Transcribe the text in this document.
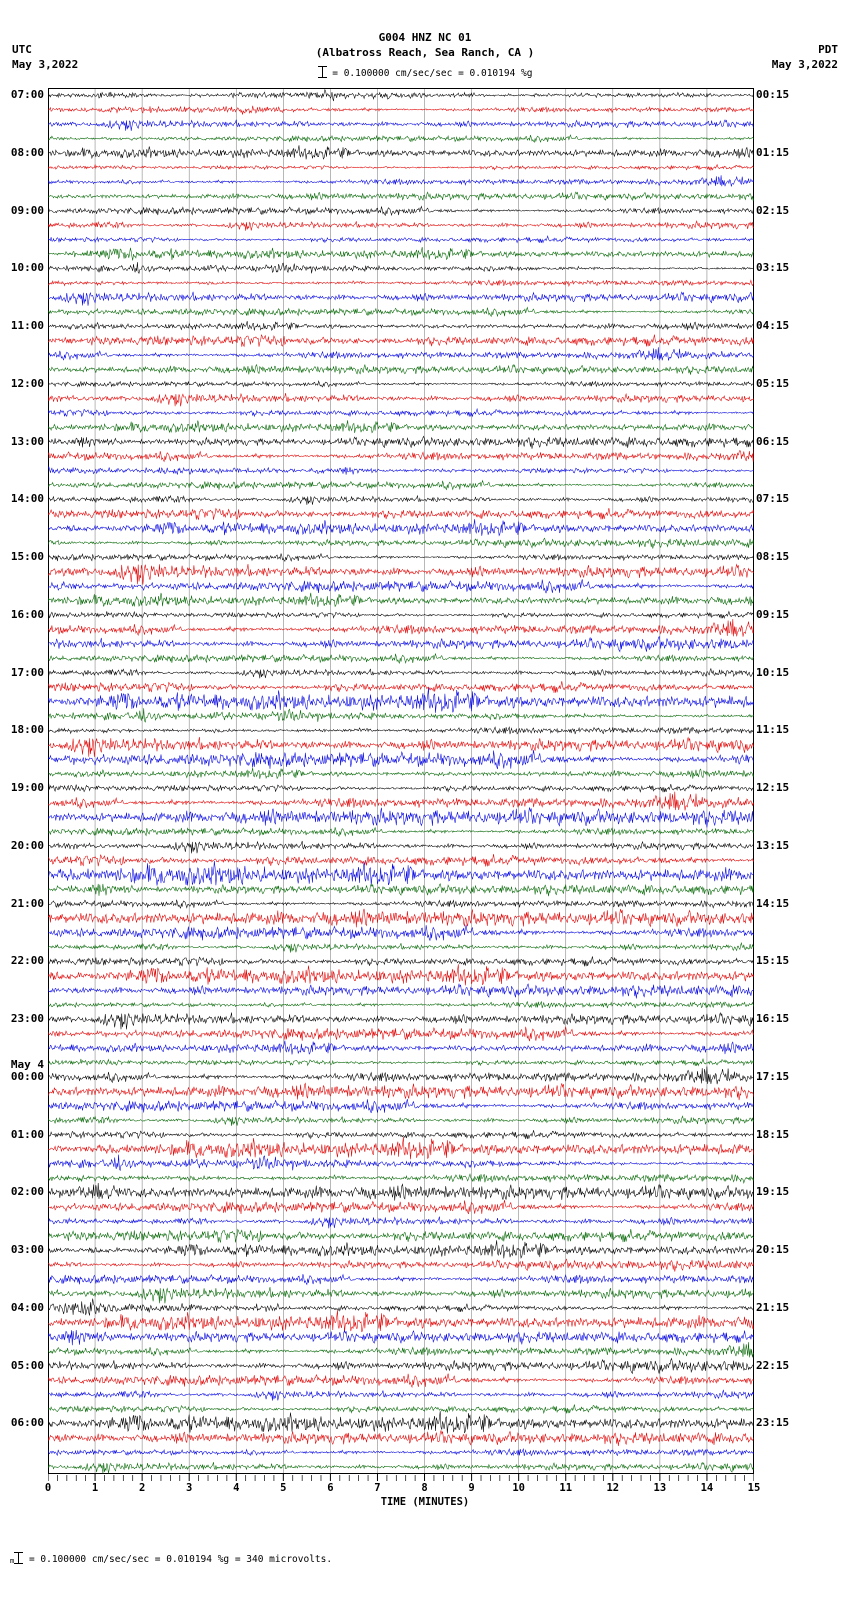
UTC
May 3,2022
PDT
May 3,2022
G004 HNZ NC 01
(Albatross Reach, Sea Ranch, CA )
= 0.100000 cm/sec/sec = 0.010194 %g
07:00
08:00
09:00
10:00
11:00
12:00
13:00
14:00
15:00
16:00
17:00
18:00
19:00
20:00
21:00
22:00
23:00
May 4
00:00
01:00
02:00
03:00
04:00
05:00
06:00
00:15
01:15
02:15
03:15
04:15
05:15
06:15
07:15
08:15
09:15
10:15
11:15
12:15
13:15
14:15
15:15
16:15
17:15
18:15
19:15
20:15
21:15
22:15
23:15
0	1	2	3	4	5	6	7	8	9	10	11	12	13	14	15
TIME (MINUTES)
m = 0.100000 cm/sec/sec = 0.010194 %g = 340 microvolts.
